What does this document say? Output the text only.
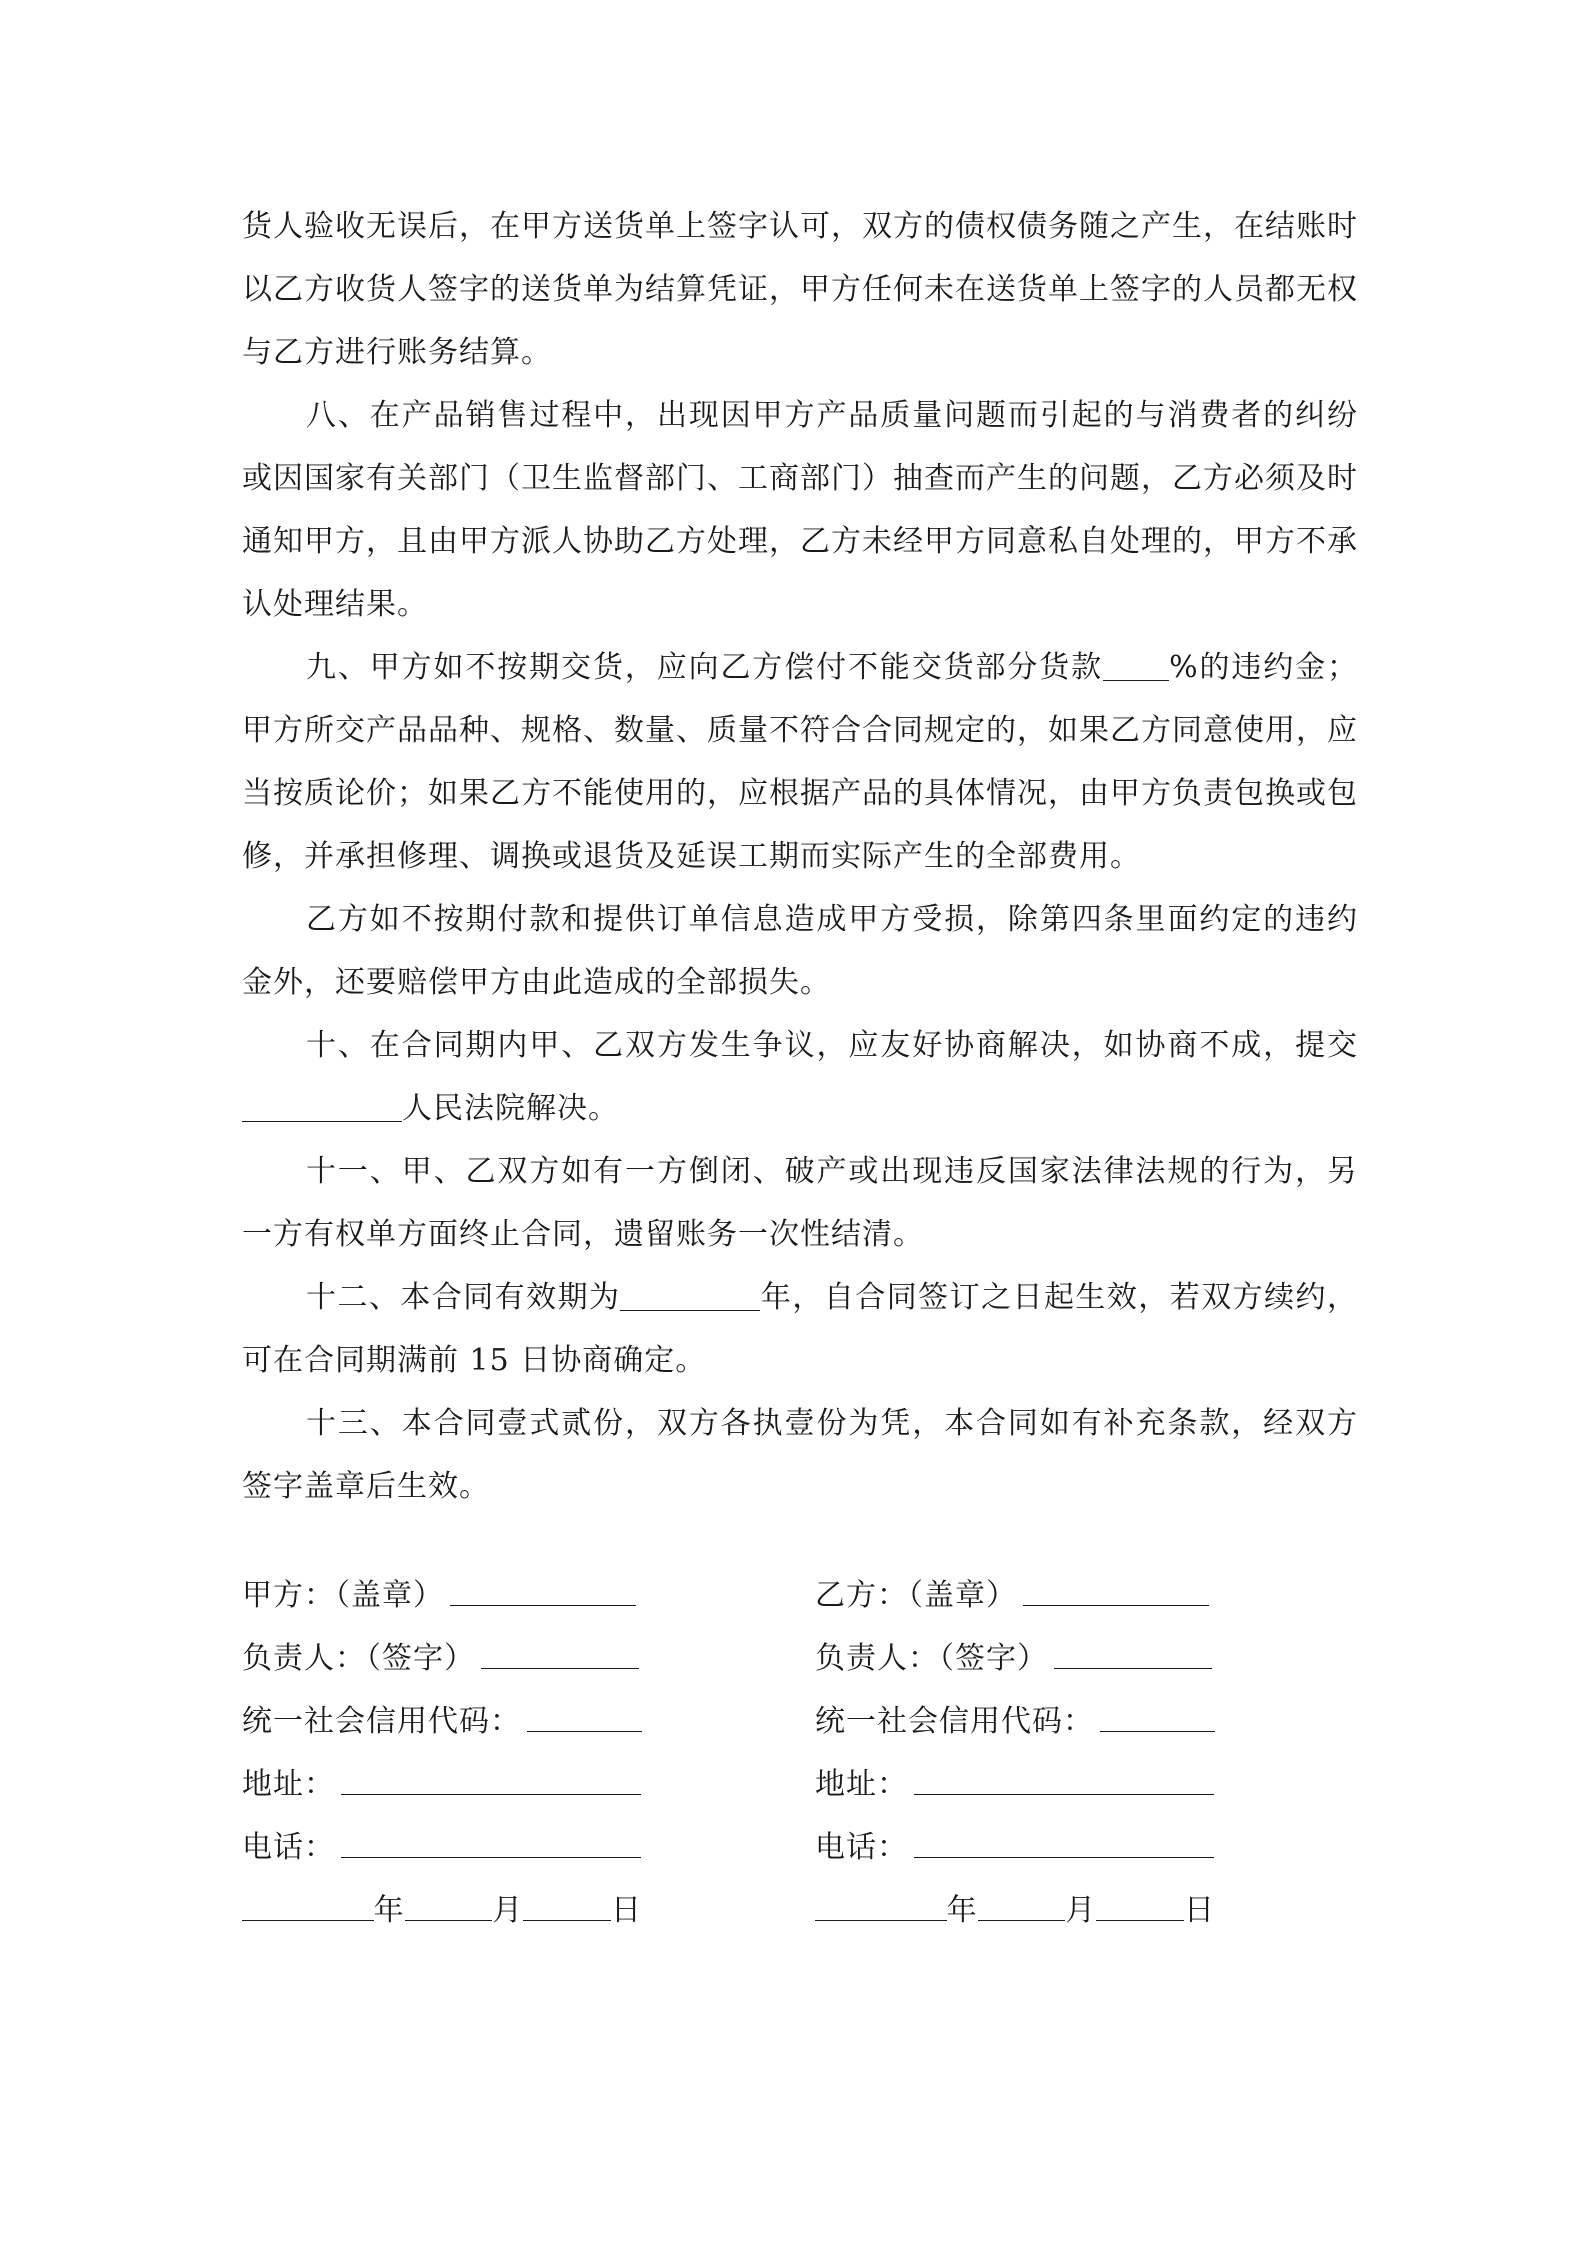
货人验收无误后，在甲方送货单上签字认可，双方的债权债务随之产生，在结账时以乙方收货人签字的送货单为结算凭证，甲方任何未在送货单上签字的人员都无权与乙方进行账务结算。

八、在产品销售过程中，出现因甲方产品质量问题而引起的与消费者的纠纷或因国家有关部门（卫生监督部门、工商部门）抽查而产生的问题，乙方必须及时通知甲方，且由甲方派人协助乙方处理，乙方未经甲方同意私自处理的，甲方不承认处理结果。

九、甲方如不按期交货，应向乙方偿付不能交货部分货款 %的违约金；甲方所交产品品种、规格、数量、质量不符合合同规定的，如果乙方同意使用，应当按质论价；如果乙方不能使用的，应根据产品的具体情况，由甲方负责包换或包修，并承担修理、调换或退货及延误工期而实际产生的全部费用。

乙方如不按期付款和提供订单信息造成甲方受损，除第四条里面约定的违约金外，还要赔偿甲方由此造成的全部损失。

十、在合同期内甲、乙双方发生争议，应友好协商解决，如协商不成，提交人民法院解决。

十一、甲、乙双方如有一方倒闭、破产或出现违反国家法律法规的行为，另一方有权单方面终止合同，遗留账务一次性结清。

十二、本合同有效期为	年，自合同签订之日起生效，若双方续约，可在合同期满前 15 日协商确定。

十三、本合同壹式贰份，双方各执壹份为凭，本合同如有补充条款，经双方签字盖章后生效。

甲方：（盖章）
负责人：（签字）
统一社会信用代码：
地址：
电话：
年	月	日
乙方：（盖章）
负责人：（签字）
统一社会信用代码：
地址：
电话：
年	月	日
